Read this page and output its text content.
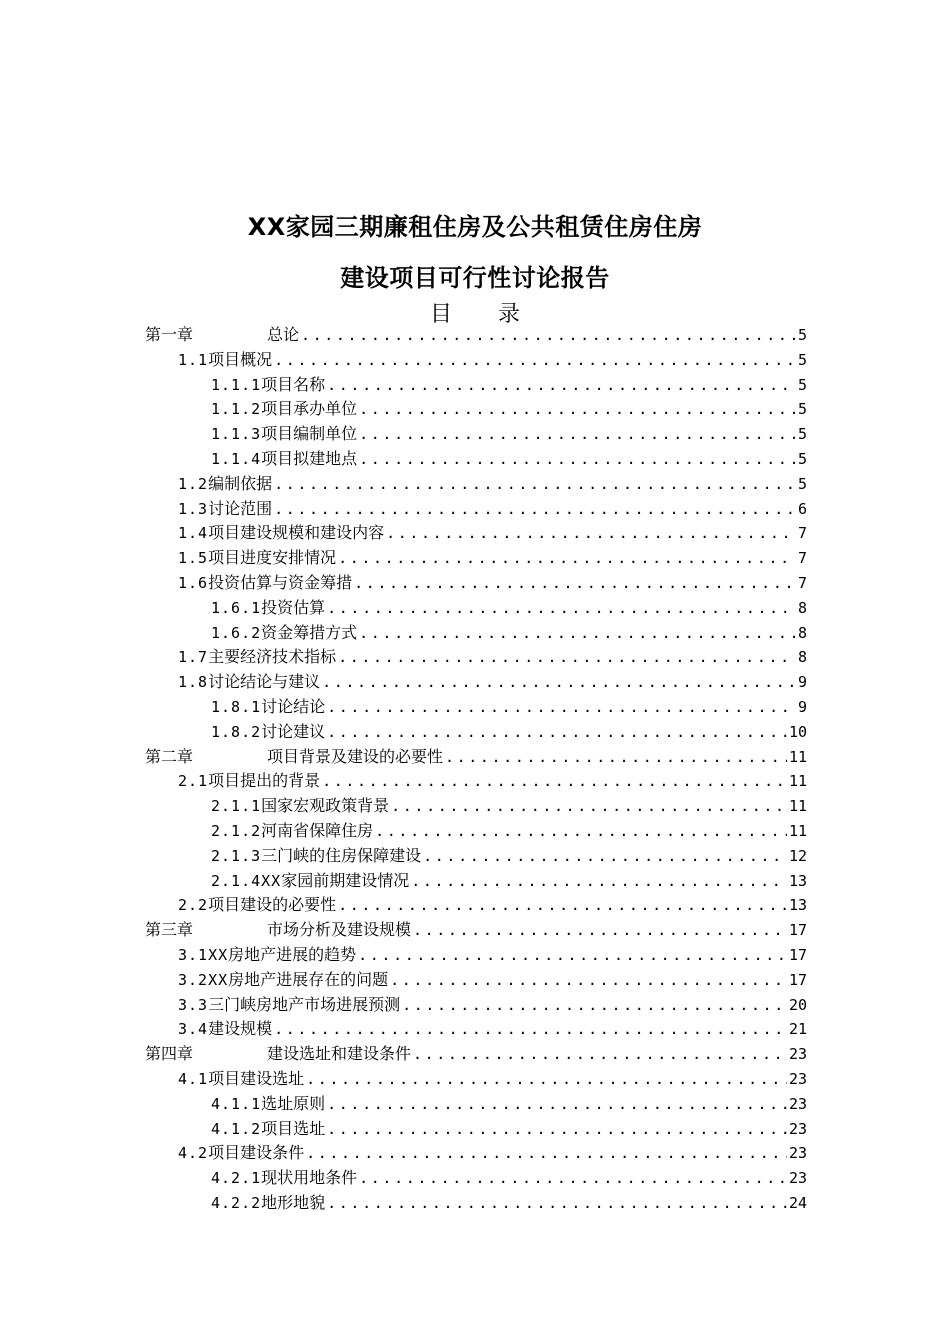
XX家园三期廉租住房及公共租赁住房住房
建设项目可行性讨论报告
目 录
第一章	总论 .....	5
1.1项目概况 .....	5
1.1.1项目名称 .....	5
1.1.2项目承办单位 .....	5
1.1.3项目编制单位 .....	5
1.1.4项目拟建地点 .....	5
1.2编制依据 .....	5
1.3讨论范围 .....	6
1.4项目建设规模和建设内容 .....	7
1.5项目进度安排情况 .....	7
1.6投资估算与资金筹措 .....	7
1.6.1投资估算 .....	8
1.6.2资金筹措方式 .....	8
1.7主要经济技术指标 .....	8
1.8讨论结论与建议 .....	9
1.8.1讨论结论 .....	9
1.8.2讨论建议 .....	10
第二章	项目背景及建设的必要性 .....	11
2.1项目提出的背景 .....	11
2.1.1国家宏观政策背景 .....	11
2.1.2河南省保障住房 .....	11
2.1.3三门峡的住房保障建设 .....	12
2.1.4XX家园前期建设情况 .....	13
2.2项目建设的必要性 .....	13
第三章	市场分析及建设规模 .....	17
3.1XX房地产进展的趋势 .....	17
3.2XX房地产进展存在的问题 .....	17
3.3三门峡房地产市场进展预测 .....	20
3.4建设规模 .....	21
第四章	建设选址和建设条件 .....	23
4.1项目建设选址 .....	23
4.1.1选址原则 .....	23
4.1.2项目选址 .....	23
4.2项目建设条件 .....	23
4.2.1现状用地条件 .....	23
4.2.2地形地貌 .....	24
